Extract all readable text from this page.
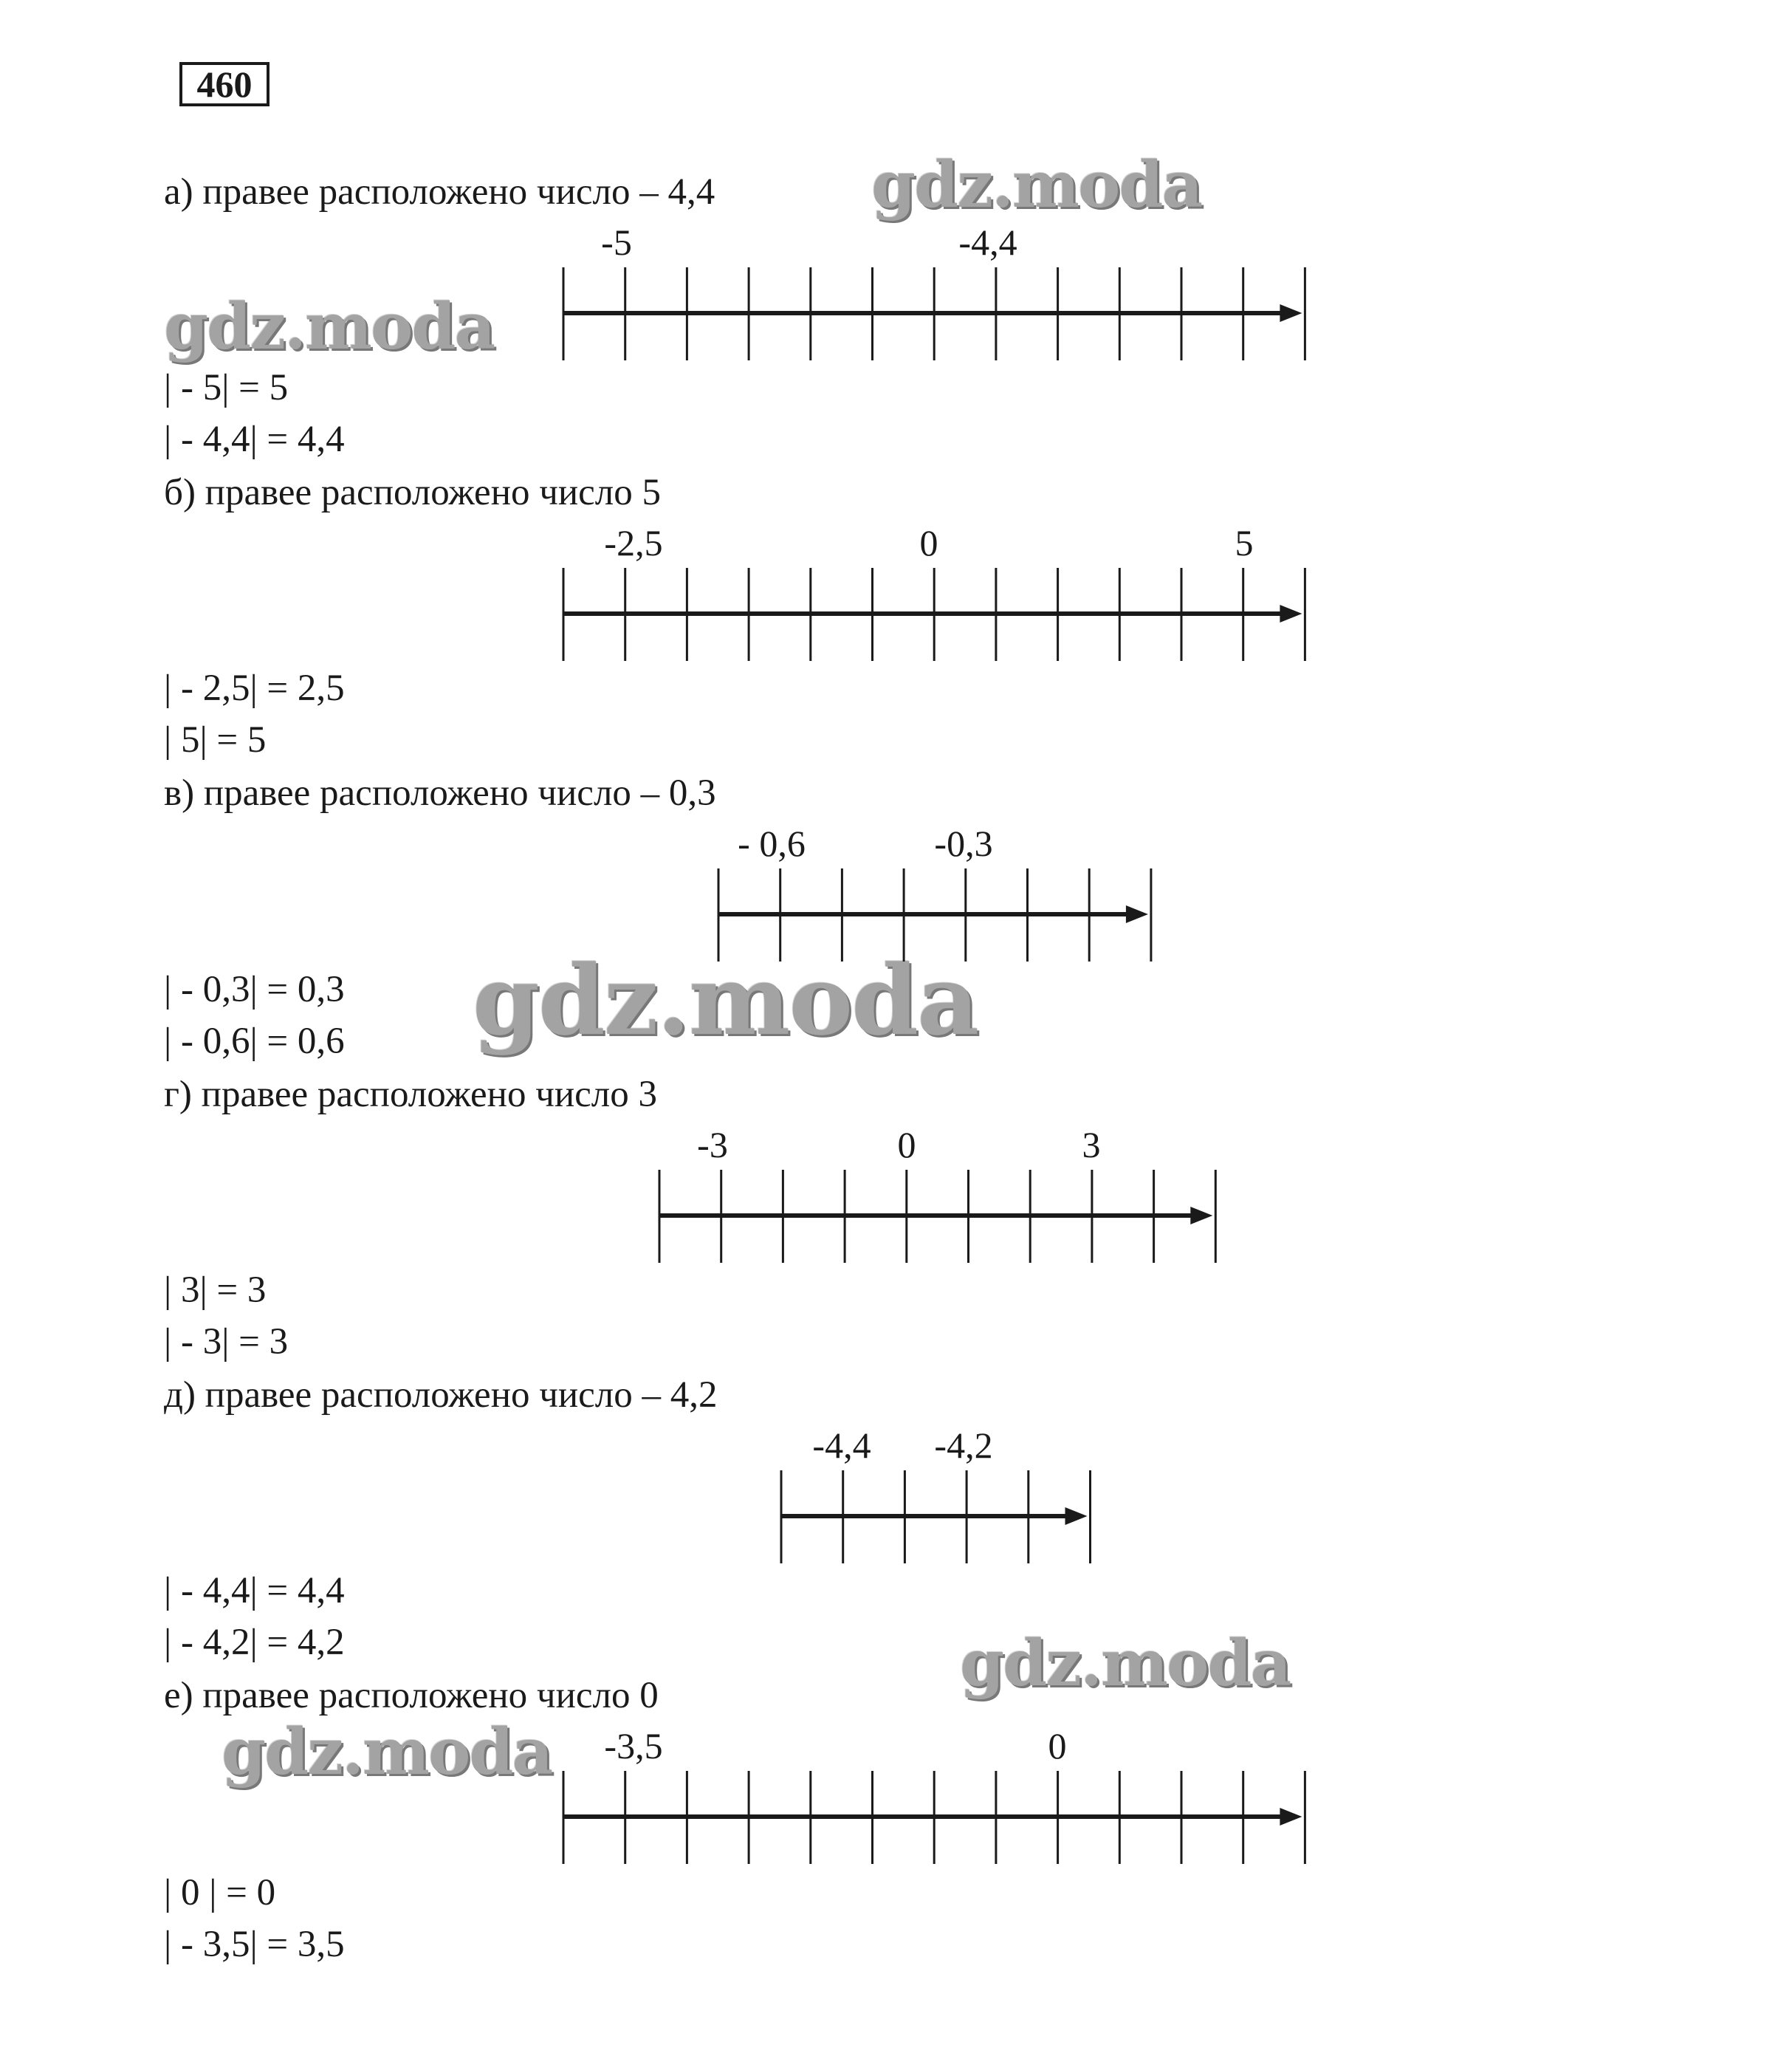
460
gdz.moda
gdz.moda
gdz.moda
gdz.moda
gdz.moda
а) правее расположено число – 4,4
-5	-4,4
| - 5| = 5
| - 4,4| = 4,4
б) правее расположено число 5
-2,5	0	5
| - 2,5| = 2,5
| 5| = 5
в) правее расположено число – 0,3
- 0,6	-0,3
| - 0,3| = 0,3
| - 0,6| = 0,6
г) правее расположено число 3
-3	0	3
| 3| = 3
| - 3| = 3
д) правее расположено число – 4,2
-4,4 -4,2
| - 4,4| = 4,4
| - 4,2| = 4,2
е) правее расположено число 0
-3,5	0
| 0 | = 0
| - 3,5| = 3,5
